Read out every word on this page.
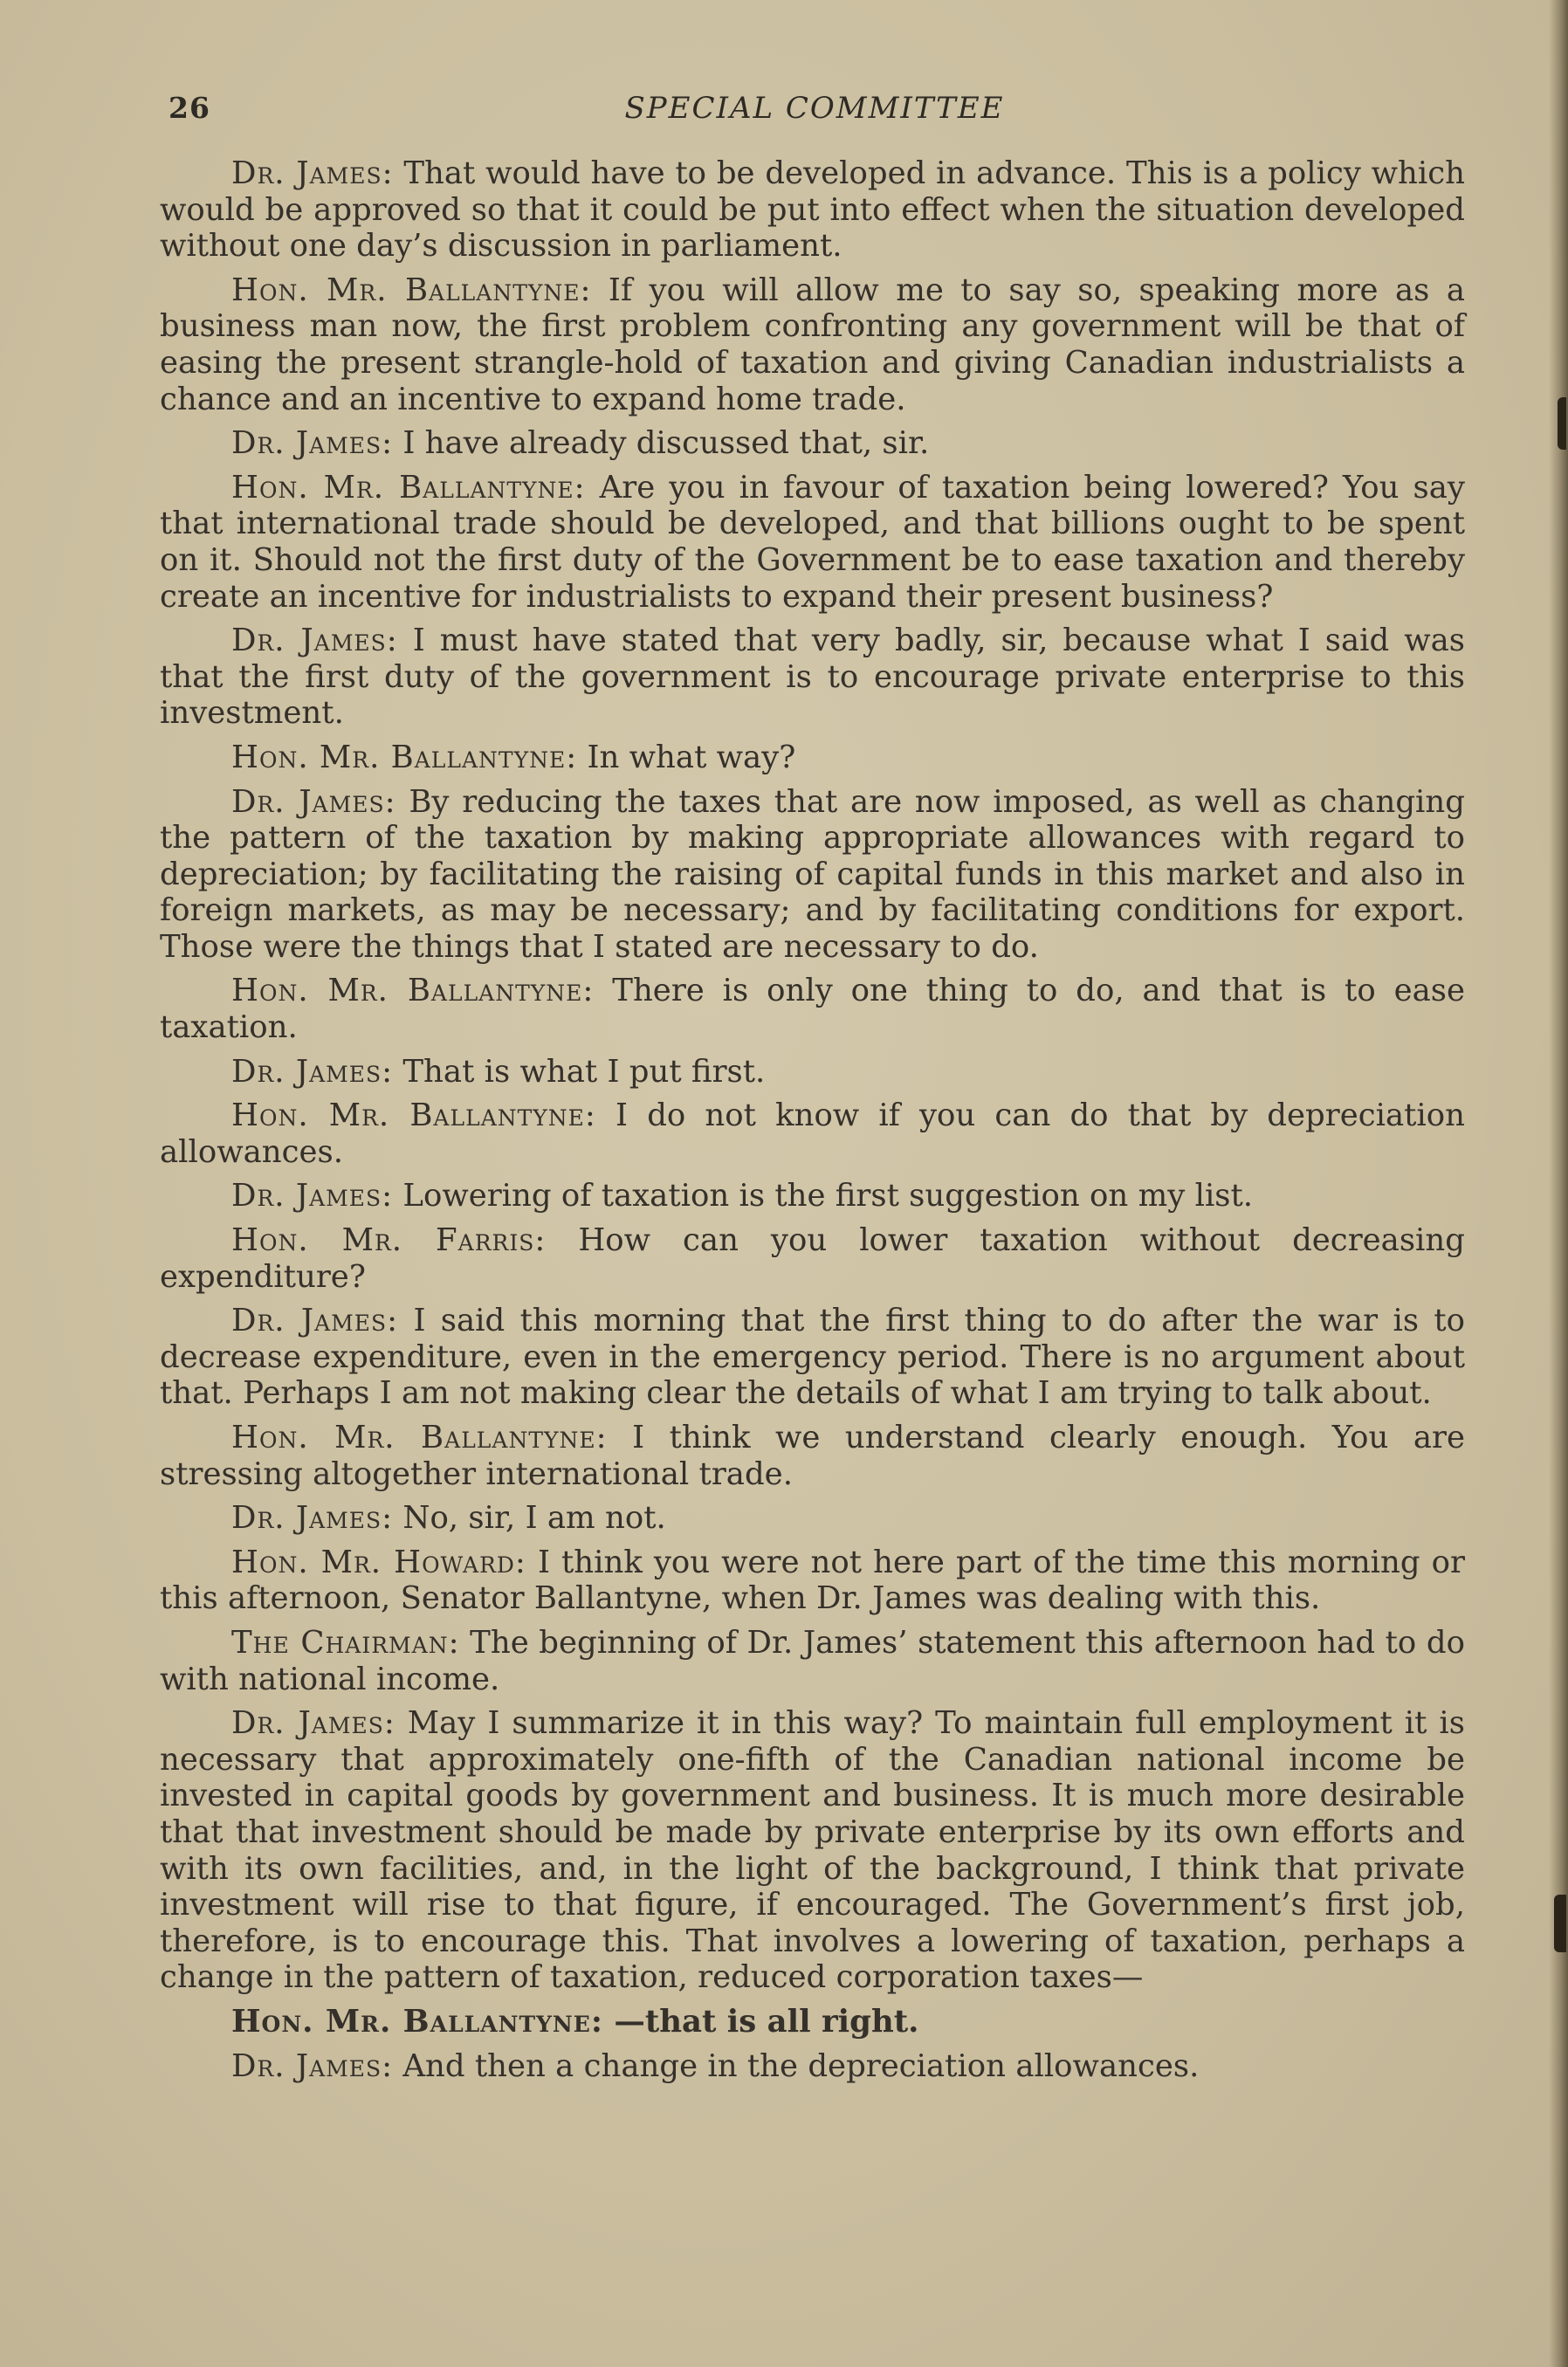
26	SPECIAL COMMITTEE

Dr. James: That would have to be developed in advance. This is a policy which would be approved so that it could be put into effect when the situation developed without one day’s discussion in parliament.

Hon. Mr. Ballantyne: If you will allow me to say so, speaking more as a business man now, the first problem confronting any government will be that of easing the present strangle-hold of taxation and giving Canadian industrialists a chance and an incentive to expand home trade.

Dr. James: I have already discussed that, sir.

Hon. Mr. Ballantyne: Are you in favour of taxation being lowered? You say that international trade should be developed, and that billions ought to be spent on it. Should not the first duty of the Government be to ease taxation and thereby create an incentive for industrialists to expand their present business?

Dr. James: I must have stated that very badly, sir, because what I said was that the first duty of the government is to encourage private enterprise to this investment.

Hon. Mr. Ballantyne: In what way?

Dr. James: By reducing the taxes that are now imposed, as well as changing the pattern of the taxation by making appropriate allowances with regard to depreciation; by facilitating the raising of capital funds in this market and also in foreign markets, as may be necessary; and by facilitating conditions for export. Those were the things that I stated are necessary to do.

Hon. Mr. Ballantyne: There is only one thing to do, and that is to ease taxation.

Dr. James: That is what I put first.

Hon. Mr. Ballantyne: I do not know if you can do that by depreciation allowances.

Dr. James: Lowering of taxation is the first suggestion on my list.

Hon. Mr. Farris: How can you lower taxation without decreasing expenditure?

Dr. James: I said this morning that the first thing to do after the war is to decrease expenditure, even in the emergency period. There is no argument about that. Perhaps I am not making clear the details of what I am trying to talk about.

Hon. Mr. Ballantyne: I think we understand clearly enough. You are stressing altogether international trade.

Dr. James: No, sir, I am not.

Hon. Mr. Howard: I think you were not here part of the time this morning or this afternoon, Senator Ballantyne, when Dr. James was dealing with this.

The Chairman: The beginning of Dr. James’ statement this afternoon had to do with national income.

Dr. James: May I summarize it in this way? To maintain full employment it is necessary that approximately one-fifth of the Canadian national income be invested in capital goods by government and business. It is much more desirable that that investment should be made by private enterprise by its own efforts and with its own facilities, and, in the light of the background, I think that private investment will rise to that figure, if encouraged. The Government’s first job, therefore, is to encourage this. That involves a lowering of taxation, perhaps a change in the pattern of taxation, reduced corporation taxes—

Hon. Mr. Ballantyne: —that is all right.

Dr. James: And then a change in the depreciation allowances.
